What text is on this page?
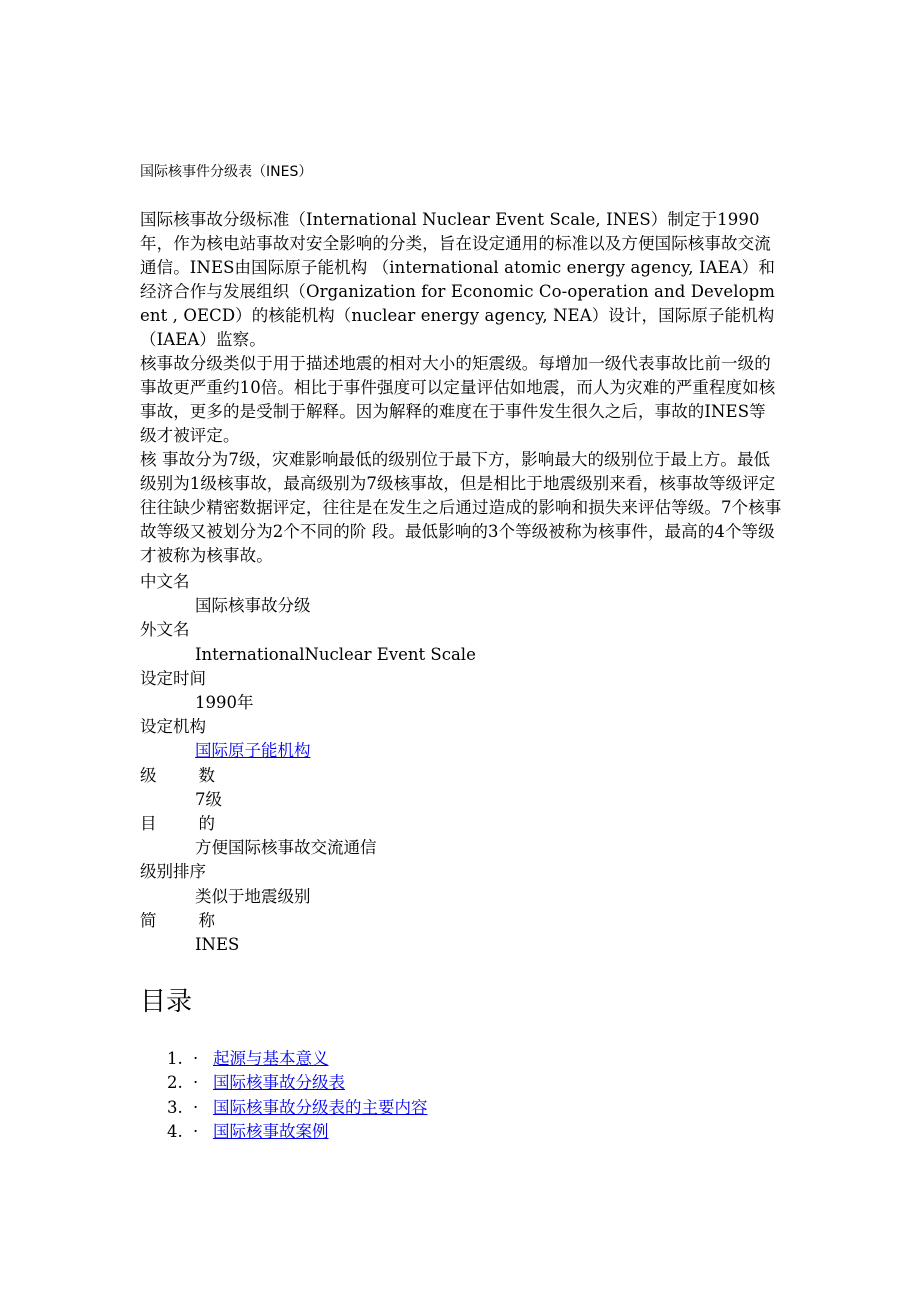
国际核事件分级表（INES）

国际核事故分级标准（International Nuclear Event Scale, INES）制定于1990年，作为核电站事故对安全影响的分类，旨在设定通用的标准以及方便国际核事故交流通信。INES由国际原子能机构 （international atomic energy agency, IAEA）和经济合作与发展组织（Organization for Economic Co-operation and Development , OECD）的核能机构（nuclear energy agency, NEA）设计，国际原子能机构（IAEA）监察。

核事故分级类似于用于描述地震的相对大小的矩震级。每增加一级代表事故比前一级的事故更严重约10倍。相比于事件强度可以定量评估如地震，而人为灾难的严重程度如核事故，更多的是受制于解释。因为解释的难度在于事件发生很久之后，事故的INES等级才被评定。

核 事故分为7级，灾难影响最低的级别位于最下方，影响最大的级别位于最上方。最低级别为1级核事故，最高级别为7级核事故，但是相比于地震级别来看，核事故等级评定往往缺少精密数据评定，往往是在发生之后通过造成的影响和损失来评估等级。7个核事故等级又被划分为2个不同的阶 段。最低影响的3个等级被称为核事件，最高的4个等级才被称为核事故。

中文名

国际核事故分级

外文名

InternationalNuclear Event Scale

设定时间

1990年

设定机构

国际原子能机构

级        数

7级

目        的

方便国际核事故交流通信

级别排序

类似于地震级别

简        称

INES

目录
1. · 起源与基本意义
2. · 国际核事故分级表
3. · 国际核事故分级表的主要内容
4. · 国际核事故案例
